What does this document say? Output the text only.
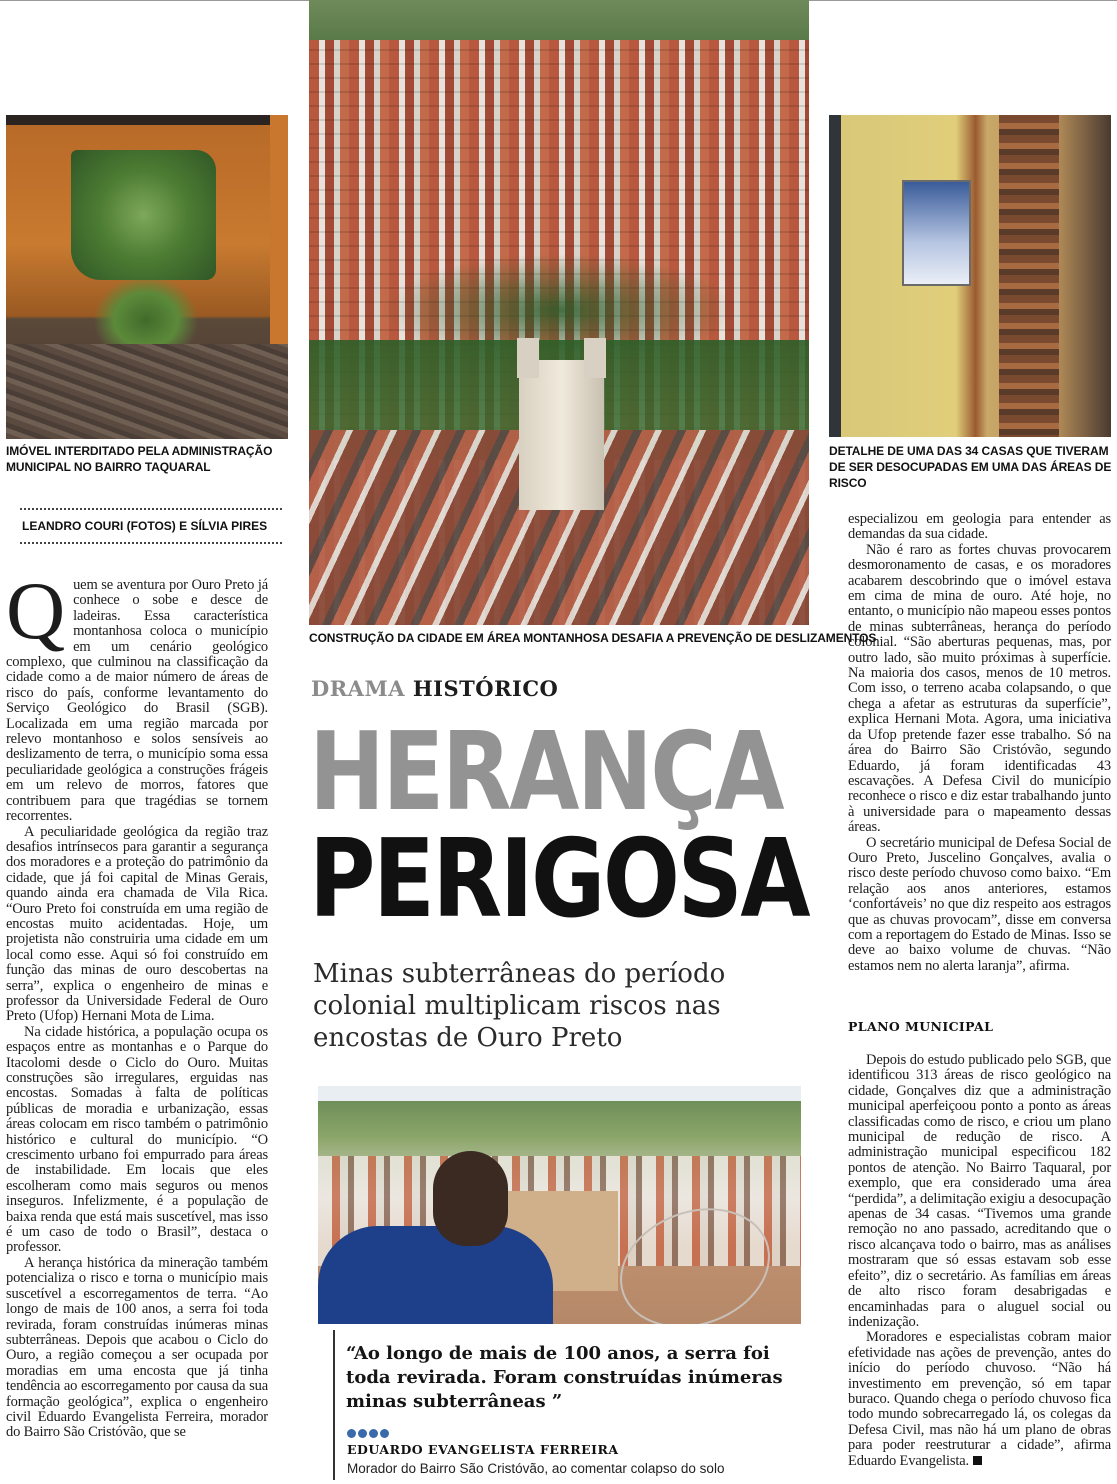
IMÓVEL INTERDITADO PELA ADMINISTRAÇÃO MUNICIPAL NO BAIRRO TAQUARAL
LEANDRO COURI (FOTOS) E SÍLVIA PIRES
CONSTRUÇÃO DA CIDADE EM ÁREA MONTANHOSA DESAFIA A PREVENÇÃO DE DESLIZAMENTOS
DETALHE DE UMA DAS 34 CASAS QUE TIVERAM DE SER DESOCUPADAS EM UMA DAS ÁREAS DE RISCO
DRAMA HISTÓRICO
HERANÇA
PERIGOSA
Minas subterrâneas do período colonial multiplicam riscos nas encostas de Ouro Preto

Quem se aventura por Ouro Preto já conhece o sobe e desce de ladeiras. Essa característica montanhosa coloca o município em um cenário geológico complexo, que culminou na classificação da cidade como a de maior número de áreas de risco do país, conforme levantamento do Serviço Geológico do Brasil (SGB). Localizada em uma região marcada por relevo montanhoso e solos sensíveis ao deslizamento de terra, o município soma essa peculiaridade geológica a construções frágeis em um relevo de morros, fatores que contribuem para que tragédias se tornem recorrentes.

A peculiaridade geológica da região traz desafios intrínsecos para garantir a segurança dos moradores e a proteção do patrimônio da cidade, que já foi capital de Minas Gerais, quando ainda era chamada de Vila Rica. “Ouro Preto foi construída em uma região de encostas muito acidentadas. Hoje, um projetista não construiria uma cidade em um local como esse. Aqui só foi construído em função das minas de ouro descobertas na serra”, explica o engenheiro de minas e professor da Universidade Federal de Ouro Preto (Ufop) Hernani Mota de Lima.

Na cidade histórica, a população ocupa os espaços entre as montanhas e o Parque do Itacolomi desde o Ciclo do Ouro. Muitas construções são irregulares, erguidas nas encostas. Somadas à falta de políticas públicas de moradia e urbanização, essas áreas colocam em risco também o patrimônio histórico e cultural do município. “O crescimento urbano foi empurrado para áreas de instabilidade. Em locais que eles escolheram como mais seguros ou menos inseguros. Infelizmente, é a população de baixa renda que está mais suscetível, mas isso é um caso de todo o Brasil”, destaca o professor.

A herança histórica da mineração também potencializa o risco e torna o município mais suscetível a escorregamentos de terra. “Ao longo de mais de 100 anos, a serra foi toda revirada, foram construídas inúmeras minas subterrâneas. Depois que acabou o Ciclo do Ouro, a região começou a ser ocupada por moradias em uma encosta que já tinha tendência ao escorregamento por causa da sua formação geológica”, explica o engenheiro civil Eduardo Evangelista Ferreira, morador do Bairro São Cristóvão, que se

“Ao longo de mais de 100 anos, a serra foi toda revirada. Foram construídas inúmeras minas subterrâneas ”
EDUARDO EVANGELISTA FERREIRA
Morador do Bairro São Cristóvão, ao comentar colapso do solo

especializou em geologia para entender as demandas da sua cidade.

Não é raro as fortes chuvas provocarem desmoronamento de casas, e os moradores acabarem descobrindo que o imóvel estava em cima de mina de ouro. Até hoje, no entanto, o município não mapeou esses pontos de minas subterrâneas, herança do período colonial. “São aberturas pequenas, mas, por outro lado, são muito próximas à superfície. Na maioria dos casos, menos de 10 metros. Com isso, o terreno acaba colapsando, o que chega a afetar as estruturas da superfície”, explica Hernani Mota. Agora, uma iniciativa da Ufop pretende fazer esse trabalho. Só na área do Bairro São Cristóvão, segundo Eduardo, já foram identificadas 43 escavações. A Defesa Civil do município reconhece o risco e diz estar trabalhando junto à universidade para o mapeamento dessas áreas.

O secretário municipal de Defesa Social de Ouro Preto, Juscelino Gonçalves, avalia o risco deste período chuvoso como baixo. “Em relação aos anos anteriores, estamos ‘confortáveis’ no que diz respeito aos estragos que as chuvas provocam”, disse em conversa com a reportagem do Estado de Minas. Isso se deve ao baixo volume de chuvas. “Não estamos nem no alerta laranja”, afirma.

PLANO MUNICIPAL

Depois do estudo publicado pelo SGB, que identificou 313 áreas de risco geológico na cidade, Gonçalves diz que a administração municipal aperfeiçoou ponto a ponto as áreas classificadas como de risco, e criou um plano municipal de redução de risco. A administração municipal especificou 182 pontos de atenção. No Bairro Taquaral, por exemplo, que era considerado uma área “perdida”, a delimitação exigiu a desocupação apenas de 34 casas. “Tivemos uma grande remoção no ano passado, acreditando que o risco alcançava todo o bairro, mas as análises mostraram que só essas estavam sob esse efeito”, diz o secretário. As famílias em áreas de alto risco foram desabrigadas e encaminhadas para o aluguel social ou indenização.

Moradores e especialistas cobram maior efetividade nas ações de prevenção, antes do início do período chuvoso. “Não há investimento em prevenção, só em tapar buraco. Quando chega o período chuvoso fica todo mundo sobrecarregado lá, os colegas da Defesa Civil, mas não há um plano de obras para poder reestruturar a cidade”, afirma Eduardo Evangelista.
